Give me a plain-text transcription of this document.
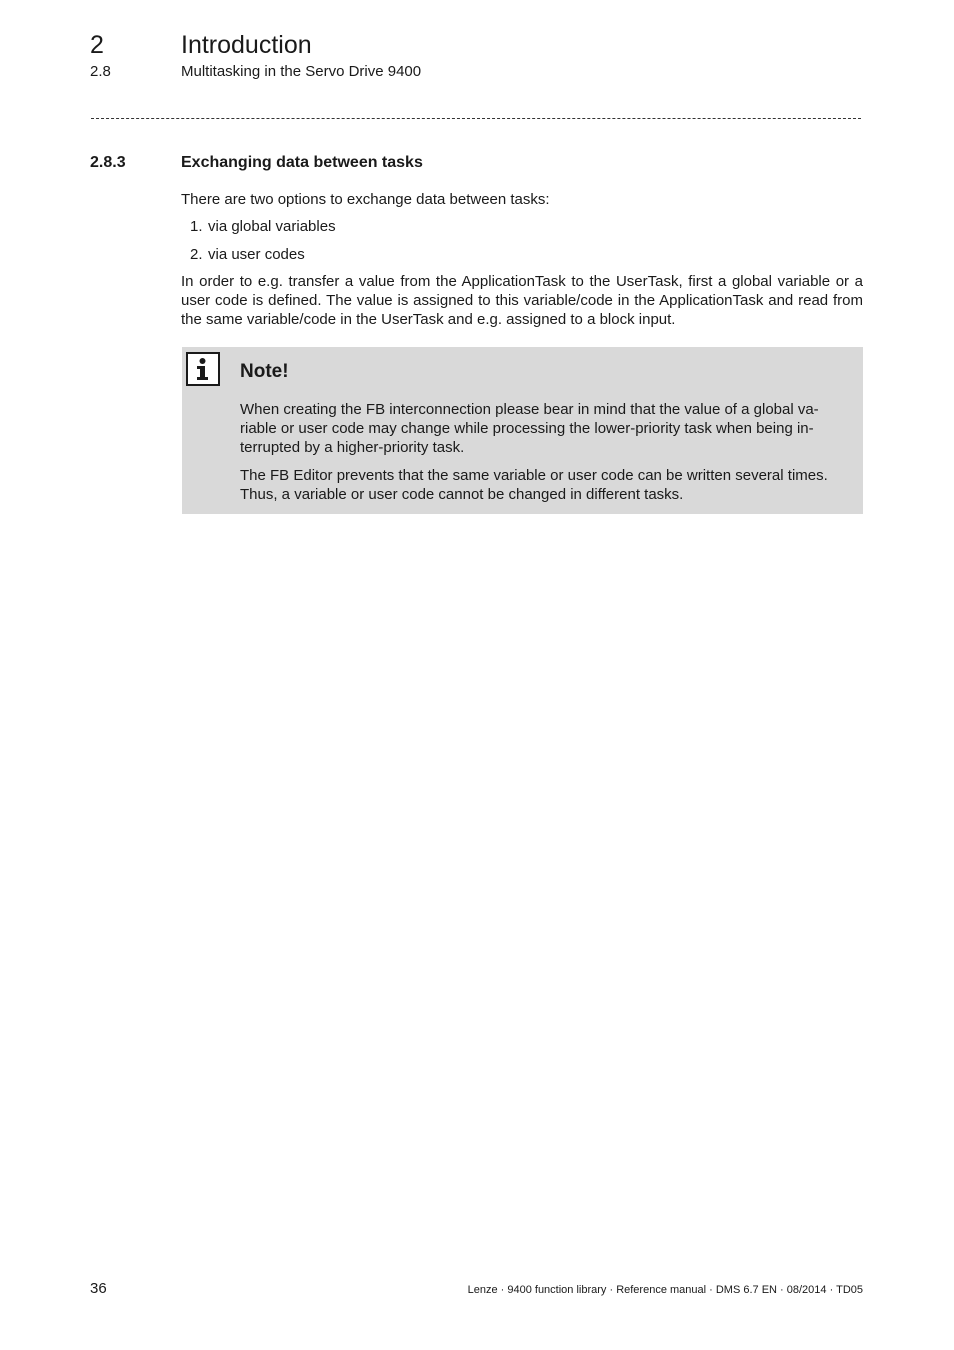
2	Introduction
2.8	Multitasking in the Servo Drive 9400
2.8.3	Exchanging data between tasks
There are two options to exchange data between tasks:
1. via global variables
2. via user codes
In order to e.g. transfer a value from the ApplicationTask to the UserTask, first a global variable or a user code is defined. The value is assigned to this variable/code in the ApplicationTask and read from the same variable/code in the UserTask and e.g. assigned to a block input.
Note!
When creating the FB interconnection please bear in mind that the value of a global va-
riable or user code may change while processing the lower-priority task when being in-
terrupted by a higher-priority task.
The FB Editor prevents that the same variable or user code can be written several times.
Thus, a variable or user code cannot be changed in different tasks.
36	Lenze · 9400 function library · Reference manual · DMS 6.7 EN · 08/2014 · TD05
